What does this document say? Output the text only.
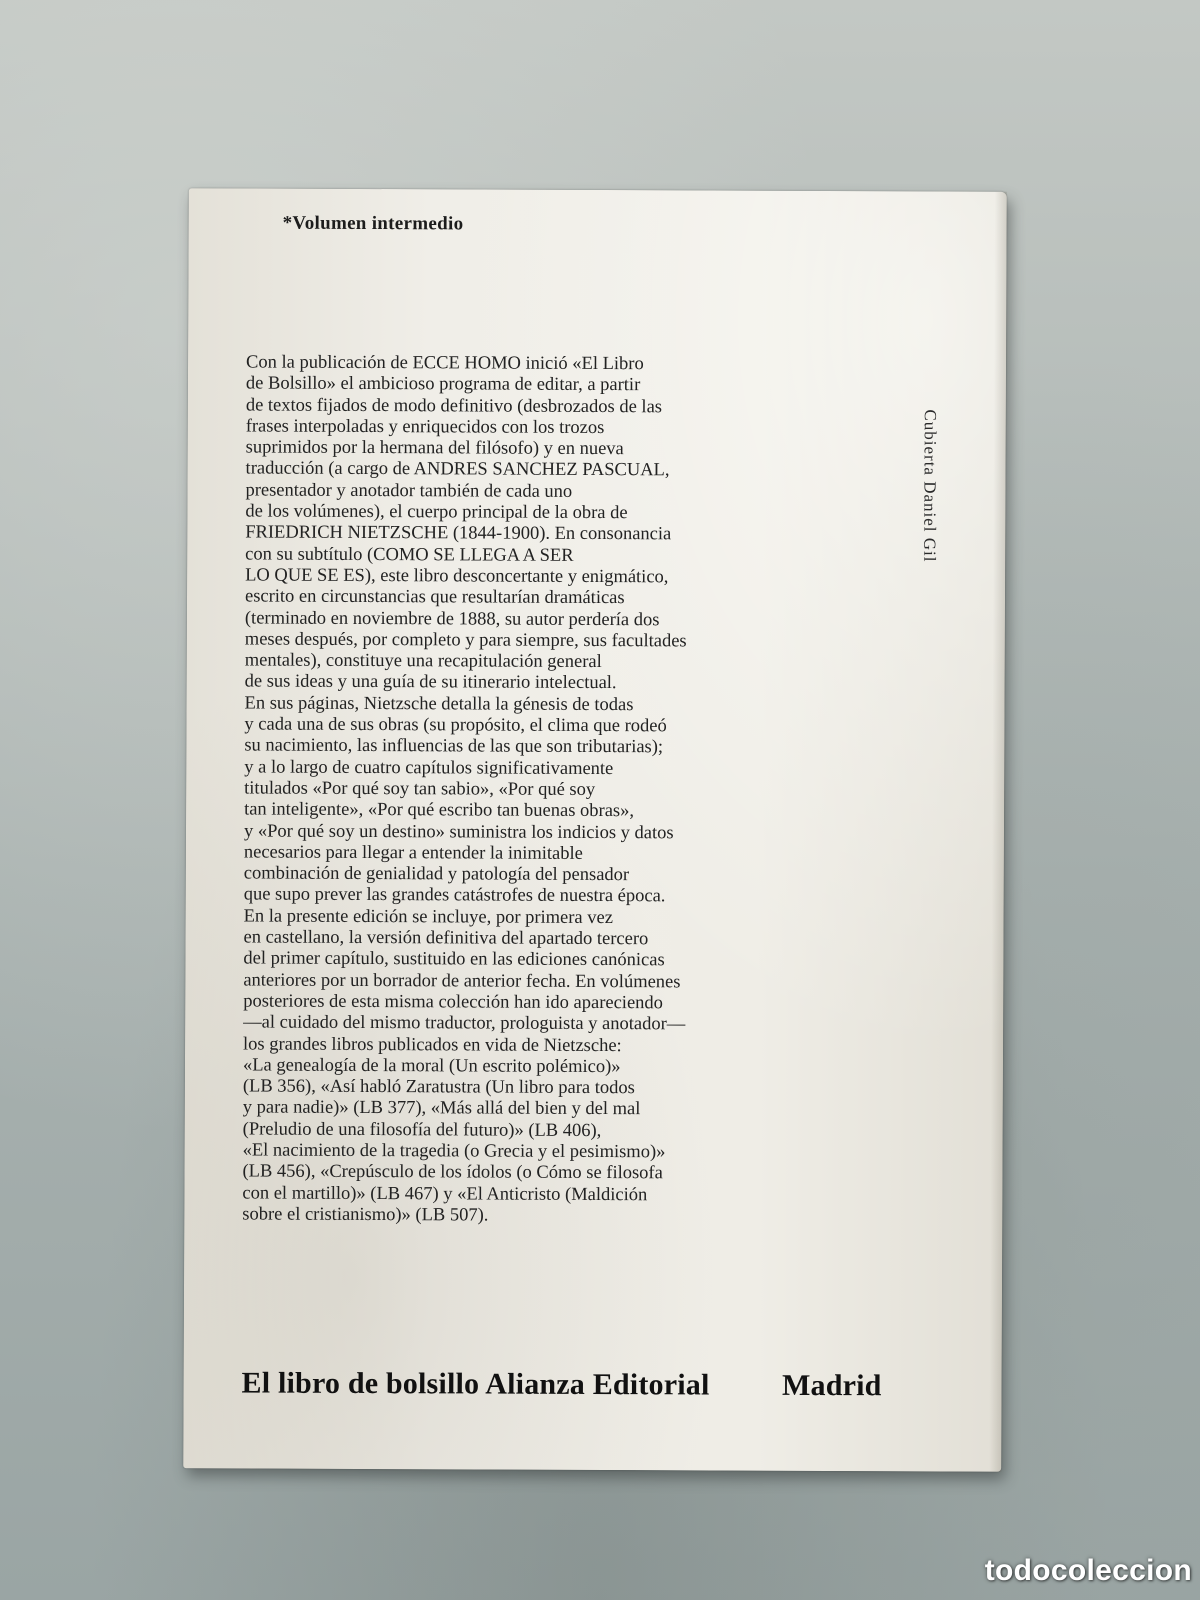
*Volumen intermedio

Con la publicación de ECCE HOMO inició «El Libro
de Bolsillo» el ambicioso programa de editar, a partir
de textos fijados de modo definitivo (desbrozados de las
frases interpoladas y enriquecidos con los trozos
suprimidos por la hermana del filósofo) y en nueva
traducción (a cargo de ANDRES SANCHEZ PASCUAL,
presentador y anotador también de cada uno
de los volúmenes), el cuerpo principal de la obra de
FRIEDRICH NIETZSCHE (1844-1900). En consonancia
con su subtítulo (COMO SE LLEGA A SER
LO QUE SE ES), este libro desconcertante y enigmático,
escrito en circunstancias que resultarían dramáticas
(terminado en noviembre de 1888, su autor perdería dos
meses después, por completo y para siempre, sus facultades
mentales), constituye una recapitulación general
de sus ideas y una guía de su itinerario intelectual.
En sus páginas, Nietzsche detalla la génesis de todas
y cada una de sus obras (su propósito, el clima que rodeó
su nacimiento, las influencias de las que son tributarias);
y a lo largo de cuatro capítulos significativamente
titulados «Por qué soy tan sabio», «Por qué soy
tan inteligente», «Por qué escribo tan buenas obras»,
y «Por qué soy un destino» suministra los indicios y datos
necesarios para llegar a entender la inimitable
combinación de genialidad y patología del pensador
que supo prever las grandes catástrofes de nuestra época.
En la presente edición se incluye, por primera vez
en castellano, la versión definitiva del apartado tercero
del primer capítulo, sustituido en las ediciones canónicas
anteriores por un borrador de anterior fecha. En volúmenes
posteriores de esta misma colección han ido apareciendo
—al cuidado del mismo traductor, prologuista y anotador—
los grandes libros publicados en vida de Nietzsche:
«La genealogía de la moral (Un escrito polémico)»
(LB 356), «Así habló Zaratustra (Un libro para todos
y para nadie)» (LB 377), «Más allá del bien y del mal
(Preludio de una filosofía del futuro)» (LB 406),
«El nacimiento de la tragedia (o Grecia y el pesimismo)»
(LB 456), «Crepúsculo de los ídolos (o Cómo se filosofa
con el martillo)» (LB 467) y «El Anticristo (Maldición
sobre el cristianismo)» (LB 507).

Cubierta Daniel Gil

El libro de bolsillo Alianza Editorial Madrid

todocoleccion
